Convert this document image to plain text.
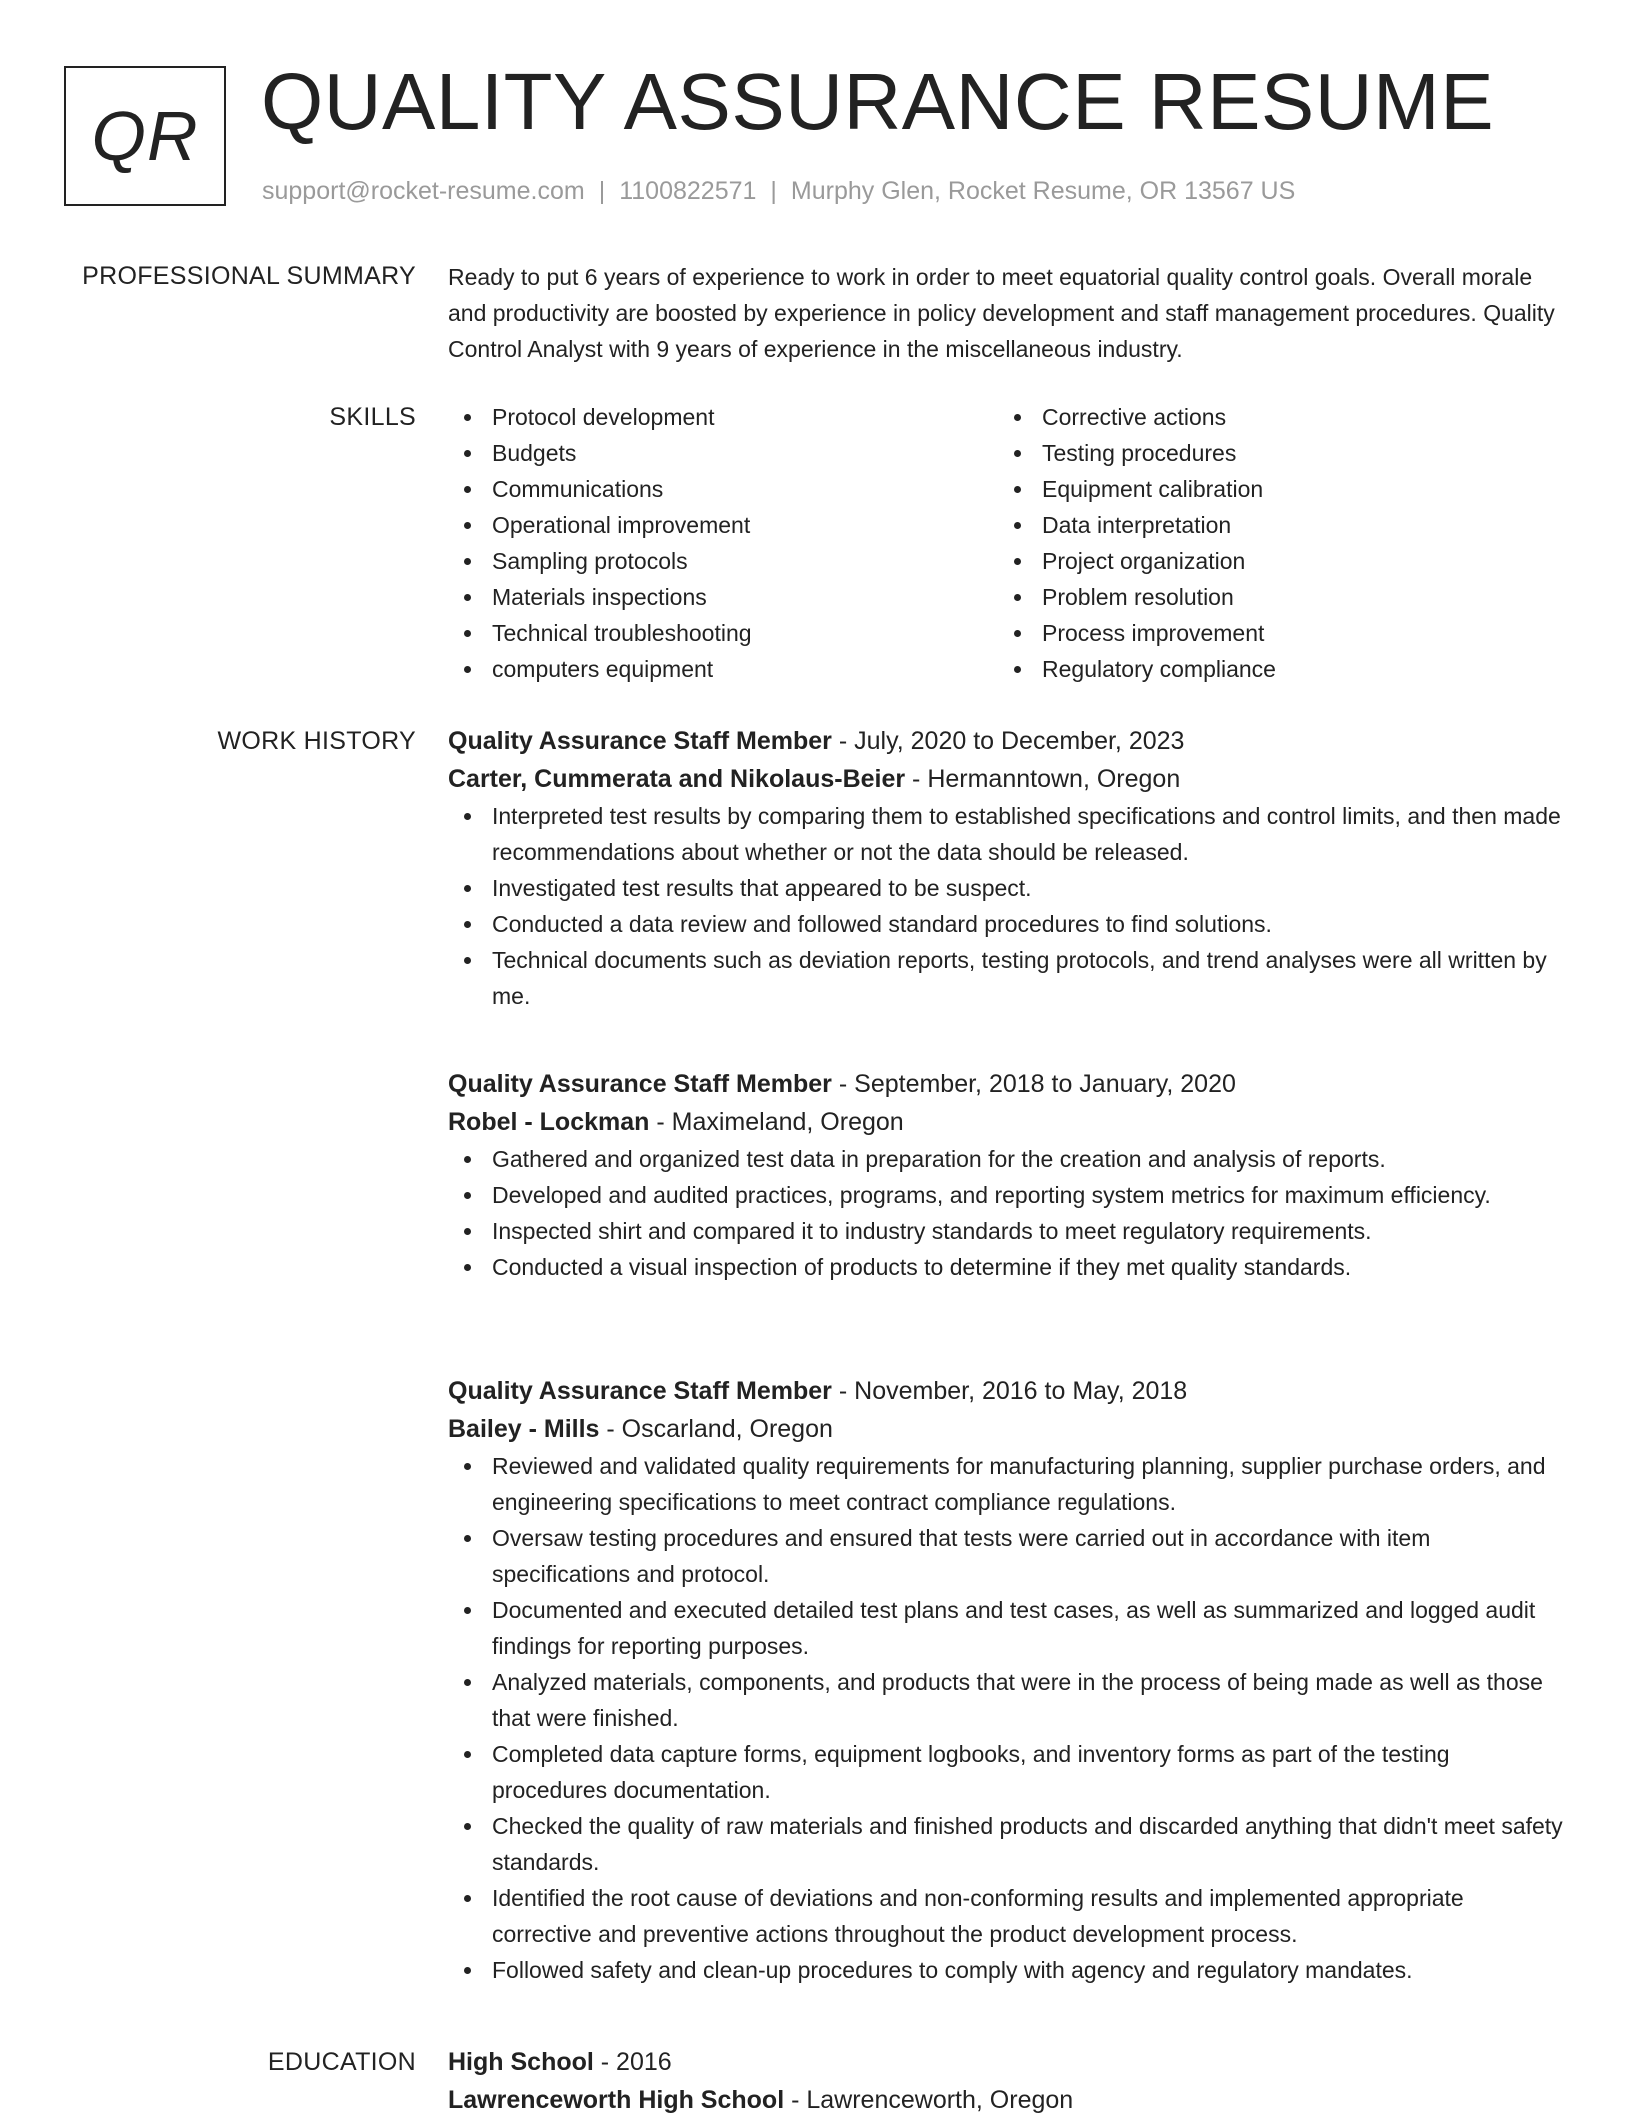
QR QUALITY ASSURANCE RESUME
support@rocket-resume.com | 1100822571 | Murphy Glen, Rocket Resume, OR 13567 US
PROFESSIONAL SUMMARY Ready to put 6 years of experience to work in order to meet equatorial quality control goals. Overall morale and productivity are boosted by experience in policy development and staff management procedures. Quality Control Analyst with 9 years of experience in the miscellaneous industry.

SKILLS	Protocol development
Budgets
Communications
Operational improvement
Sampling protocols
Materials inspections
Technical troubleshooting
computers equipment
Corrective actions
Testing procedures
Equipment calibration
Data interpretation
Project organization
Problem resolution
Process improvement
Regulatory compliance
WORK HISTORY Quality Assurance Staff Member - July, 2020 to December, 2023
Carter, Cummerata and Nikolaus-Beier - Hermanntown, Oregon
Interpreted test results by comparing them to established specifications and control limits, and then made recommendations about whether or not the data should be released.
Investigated test results that appeared to be suspect.
Conducted a data review and followed standard procedures to find solutions.
Technical documents such as deviation reports, testing protocols, and trend analyses were all written by me.
Quality Assurance Staff Member - September, 2018 to January, 2020
Robel - Lockman - Maximeland, Oregon
Gathered and organized test data in preparation for the creation and analysis of reports.
Developed and audited practices, programs, and reporting system metrics for maximum efficiency.
Inspected shirt and compared it to industry standards to meet regulatory requirements.
Conducted a visual inspection of products to determine if they met quality standards.
Quality Assurance Staff Member - November, 2016 to May, 2018
Bailey - Mills - Oscarland, Oregon
Reviewed and validated quality requirements for manufacturing planning, supplier purchase orders, and engineering specifications to meet contract compliance regulations.
Oversaw testing procedures and ensured that tests were carried out in accordance with item specifications and protocol.
Documented and executed detailed test plans and test cases, as well as summarized and logged audit findings for reporting purposes.
Analyzed materials, components, and products that were in the process of being made as well as those that were finished.
Completed data capture forms, equipment logbooks, and inventory forms as part of the testing procedures documentation.
Checked the quality of raw materials and finished products and discarded anything that didn't meet safety standards.
Identified the root cause of deviations and non-conforming results and implemented appropriate corrective and preventive actions throughout the product development process.
Followed safety and clean-up procedures to comply with agency and regulatory mandates.
EDUCATION High School - 2016
Lawrenceworth High School - Lawrenceworth, Oregon
